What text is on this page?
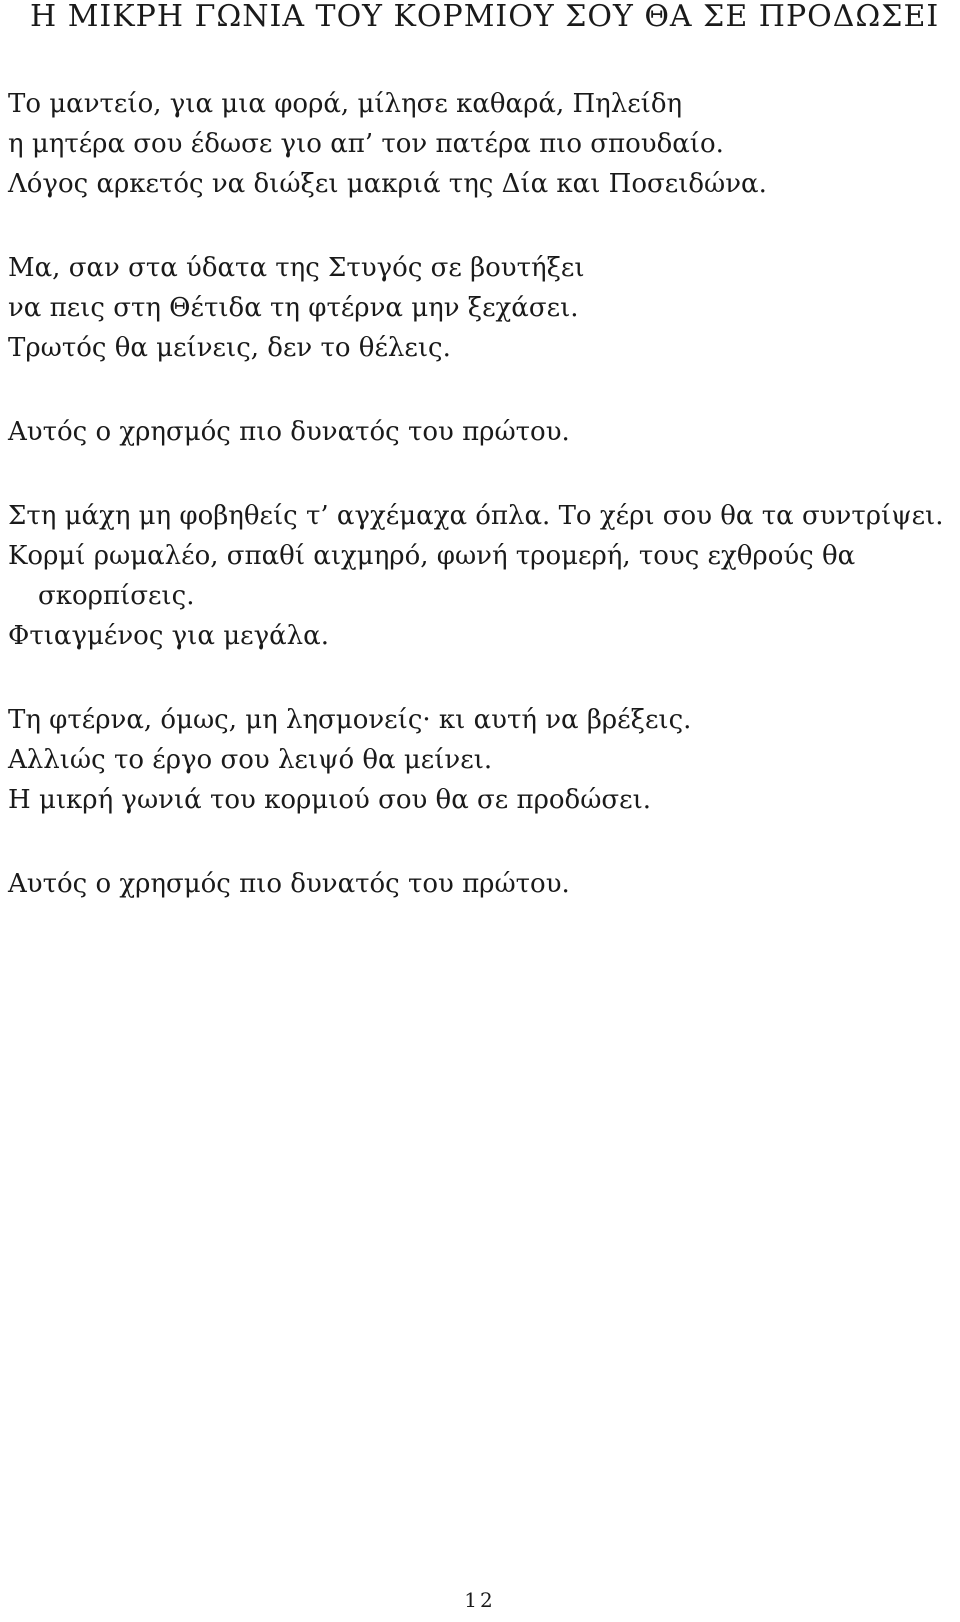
Η ΜΙΚΡΗ ΓΩΝΙΑ ΤΟΥ ΚΟΡΜΙΟΥ ΣΟΥ ΘΑ ΣΕ ΠΡΟΔΩΣΕΙ
Το μαντείο, για μια φορά, μίλησε καθαρά, Πηλείδη
η μητέρα σου έδωσε γιο απ’ τον πατέρα πιο σπουδαίο.
Λόγος αρκετός να διώξει μακριά της Δία και Ποσειδώνα.
Μα, σαν στα ύδατα της Στυγός σε βουτήξει
να πεις στη Θέτιδα τη φτέρνα μην ξεχάσει.
Τρωτός θα μείνεις, δεν το θέλεις.
Αυτός ο χρησμός πιο δυνατός του πρώτου.
Στη μάχη μη φοβηθείς τ’ αγχέμαχα όπλα. Το χέρι σου θα τα συντρίψει.
Κορμί ρωμαλέο, σπαθί αιχμηρό, φωνή τρομερή, τους εχθρούς θα σκορπίσεις.
Φτιαγμένος για μεγάλα.
Τη φτέρνα, όμως, μη λησμονείς· κι αυτή να βρέξεις.
Αλλιώς το έργο σου λειψό θα μείνει.
Η μικρή γωνιά του κορμιού σου θα σε προδώσει.
Αυτός ο χρησμός πιο δυνατός του πρώτου.
12
